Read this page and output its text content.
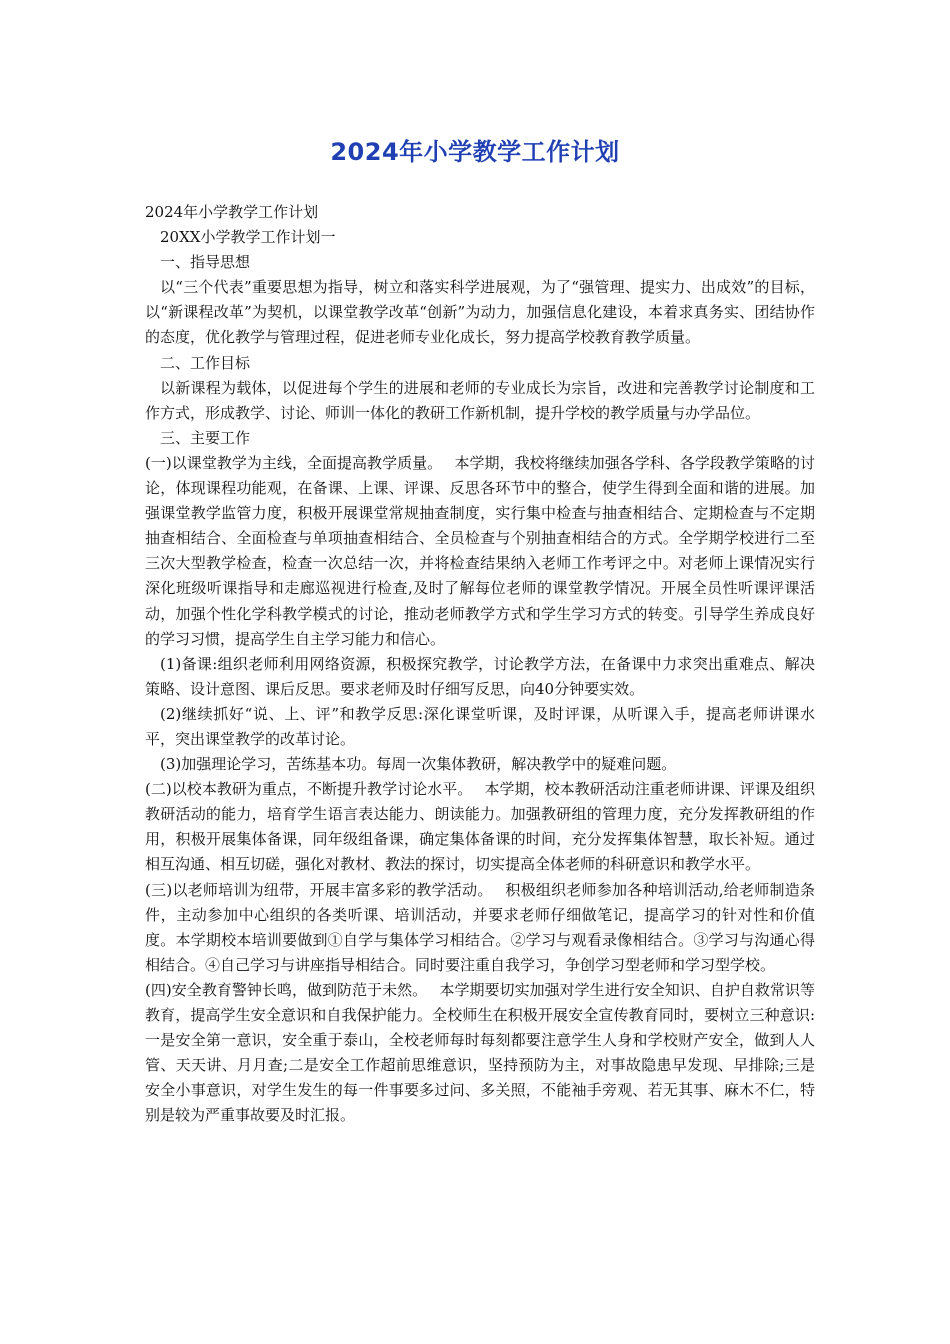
2024年小学教学工作计划

2024年小学教学工作计划

20XX小学教学工作计划一

一、指导思想

以“三个代表”重要思想为指导，树立和落实科学进展观，为了“强管理、提实力、出成效”的目标，以“新课程改革”为契机，以课堂教学改革“创新”为动力，加强信息化建设，本着求真务实、团结协作的态度，优化教学与管理过程，促进老师专业化成长，努力提高学校教育教学质量。

二、工作目标

以新课程为载体，以促进每个学生的进展和老师的专业成长为宗旨，改进和完善教学讨论制度和工作方式，形成教学、讨论、师训一体化的教研工作新机制，提升学校的教学质量与办学品位。

三、主要工作

(一)以课堂教学为主线，全面提高教学质量。　 本学期，我校将继续加强各学科、各学段教学策略的讨论，体现课程功能观，在备课、上课、评课、反思各环节中的整合，使学生得到全面和谐的进展。加强课堂教学监管力度，积极开展课堂常规抽查制度，实行集中检查与抽查相结合、定期检查与不定期抽查相结合、全面检查与单项抽查相结合、全员检查与个别抽查相结合的方式。全学期学校进行二至三次大型教学检查，检查一次总结一次，并将检查结果纳入老师工作考评之中。对老师上课情况实行深化班级听课指导和走廊巡视进行检查,及时了解每位老师的课堂教学情况。开展全员性听课评课活动，加强个性化学科教学模式的讨论，推动老师教学方式和学生学习方式的转变。引导学生养成良好的学习习惯，提高学生自主学习能力和信心。

(1)备课:组织老师利用网络资源，积极探究教学，讨论教学方法，在备课中力求突出重难点、解决策略、设计意图、课后反思。要求老师及时仔细写反思，向40分钟要实效。

(2)继续抓好“说、上、评”和教学反思:深化课堂听课，及时评课，从听课入手，提高老师讲课水平，突出课堂教学的改革讨论。

(3)加强理论学习，苦练基本功。每周一次集体教研，解决教学中的疑难问题。

(二)以校本教研为重点，不断提升教学讨论水平。　 本学期，校本教研活动注重老师讲课、评课及组织教研活动的能力，培育学生语言表达能力、朗读能力。加强教研组的管理力度，充分发挥教研组的作用，积极开展集体备课，同年级组备课，确定集体备课的时间，充分发挥集体智慧，取长补短。通过相互沟通、相互切磋，强化对教材、教法的探讨，切实提高全体老师的科研意识和教学水平。

(三)以老师培训为纽带，开展丰富多彩的教学活动。　 积极组织老师参加各种培训活动,给老师制造条件，主动参加中心组织的各类听课、培训活动，并要求老师仔细做笔记，提高学习的针对性和价值度。本学期校本培训要做到①自学与集体学习相结合。②学习与观看录像相结合。③学习与沟通心得相结合。④自己学习与讲座指导相结合。同时要注重自我学习，争创学习型老师和学习型学校。

(四)安全教育警钟长鸣，做到防范于未然。　 本学期要切实加强对学生进行安全知识、自护自救常识等教育，提高学生安全意识和自我保护能力。全校师生在积极开展安全宣传教育同时，要树立三种意识:一是安全第一意识，安全重于泰山，全校老师每时每刻都要注意学生人身和学校财产安全，做到人人管、天天讲、月月查;二是安全工作超前思维意识，坚持预防为主，对事故隐患早发现、早排除;三是安全小事意识，对学生发生的每一件事要多过问、多关照，不能袖手旁观、若无其事、麻木不仁，特别是较为严重事故要及时汇报。
